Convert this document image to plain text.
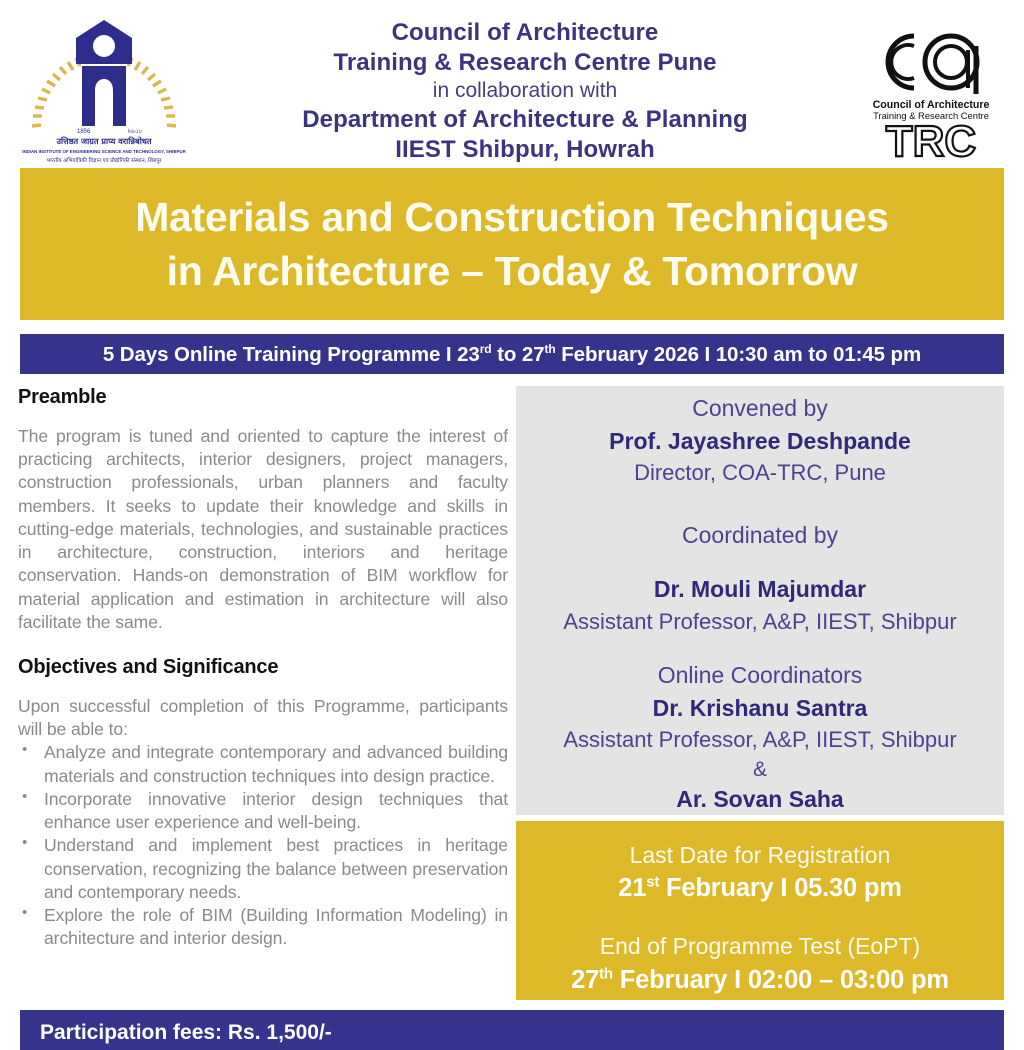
1856	৳৯৫৮
उत्तिष्ठत जाग्रत प्राप्य वरान्निबोधत
INDIAN INSTITUTE OF ENGINEERING SCIENCE AND TECHNOLOGY, SHIBPUR
भारतीय अभियांत्रिकी विज्ञान एवं प्रौद्योगिकी संस्थान, शिबपुर
Council of Architecture
Training & Research Centre Pune
in collaboration with
Department of Architecture & Planning
IIEST Shibpur, Howrah
Council of Architecture
Training & Research Centre
TRC
Materials and Construction Techniques
in Architecture – Today & Tomorrow
5 Days Online Training Programme I 23rd to 27th February 2026 I 10:30 am to 01:45 pm
Preamble
The program is tuned and oriented to capture the interest of practicing architects, interior designers, project managers, construction professionals, urban planners and faculty members. It seeks to update their knowledge and skills in cutting-edge materials, technologies, and sustainable practices in architecture, construction, interiors and heritage conservation. Hands-on demonstration of BIM workflow for material application and estimation in architecture will also facilitate the same.
Objectives and Significance
Upon successful completion of this Programme, participants will be able to:
• Analyze and integrate contemporary and advanced building materials and construction techniques into design practice.
• Incorporate innovative interior design techniques that enhance user experience and well-being.
• Understand and implement best practices in heritage conservation, recognizing the balance between preservation and contemporary needs.
• Explore the role of BIM (Building Information Modeling) in architecture and interior design.
Convened by
Prof. Jayashree Deshpande
Director, COA-TRC, Pune
Coordinated by
Dr. Mouli Majumdar
Assistant Professor, A&P, IIEST, Shibpur
Online Coordinators
Dr. Krishanu Santra
Assistant Professor, A&P, IIEST, Shibpur
&
Ar. Sovan Saha
Last Date for Registration
21st February I 05.30 pm
End of Programme Test (EoPT)
27th February I 02:00 – 03:00 pm
Participation fees: Rs. 1,500/-
